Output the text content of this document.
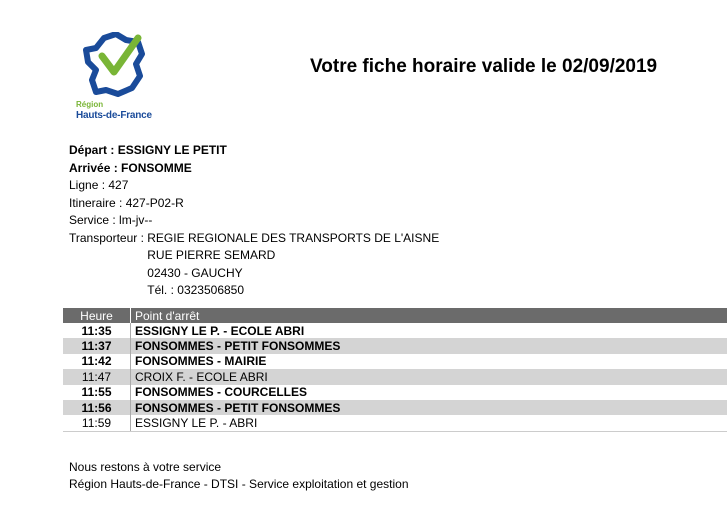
Région
Hauts-de-France
Votre fiche horaire valide le 02/09/2019
Départ : ESSIGNY LE PETIT
Arrivée : FONSOMME
Ligne : 427
Itineraire : 427-P02-R
Service : lm-jv--
Transporteur : REGIE REGIONALE DES TRANSPORTS DE L'AISNE
RUE PIERRE SEMARD
02430 - GAUCHY
Tél. : 0323506850
Heure	Point d'arrêt
11:35	ESSIGNY LE P. - ECOLE ABRI
11:37	FONSOMMES - PETIT FONSOMMES
11:42	FONSOMMES - MAIRIE
11:47	CROIX F. - ECOLE ABRI
11:55	FONSOMMES - COURCELLES
11:56	FONSOMMES - PETIT FONSOMMES
11:59	ESSIGNY LE P. - ABRI
Nous restons à votre service
Région Hauts-de-France - DTSI - Service exploitation et gestion
